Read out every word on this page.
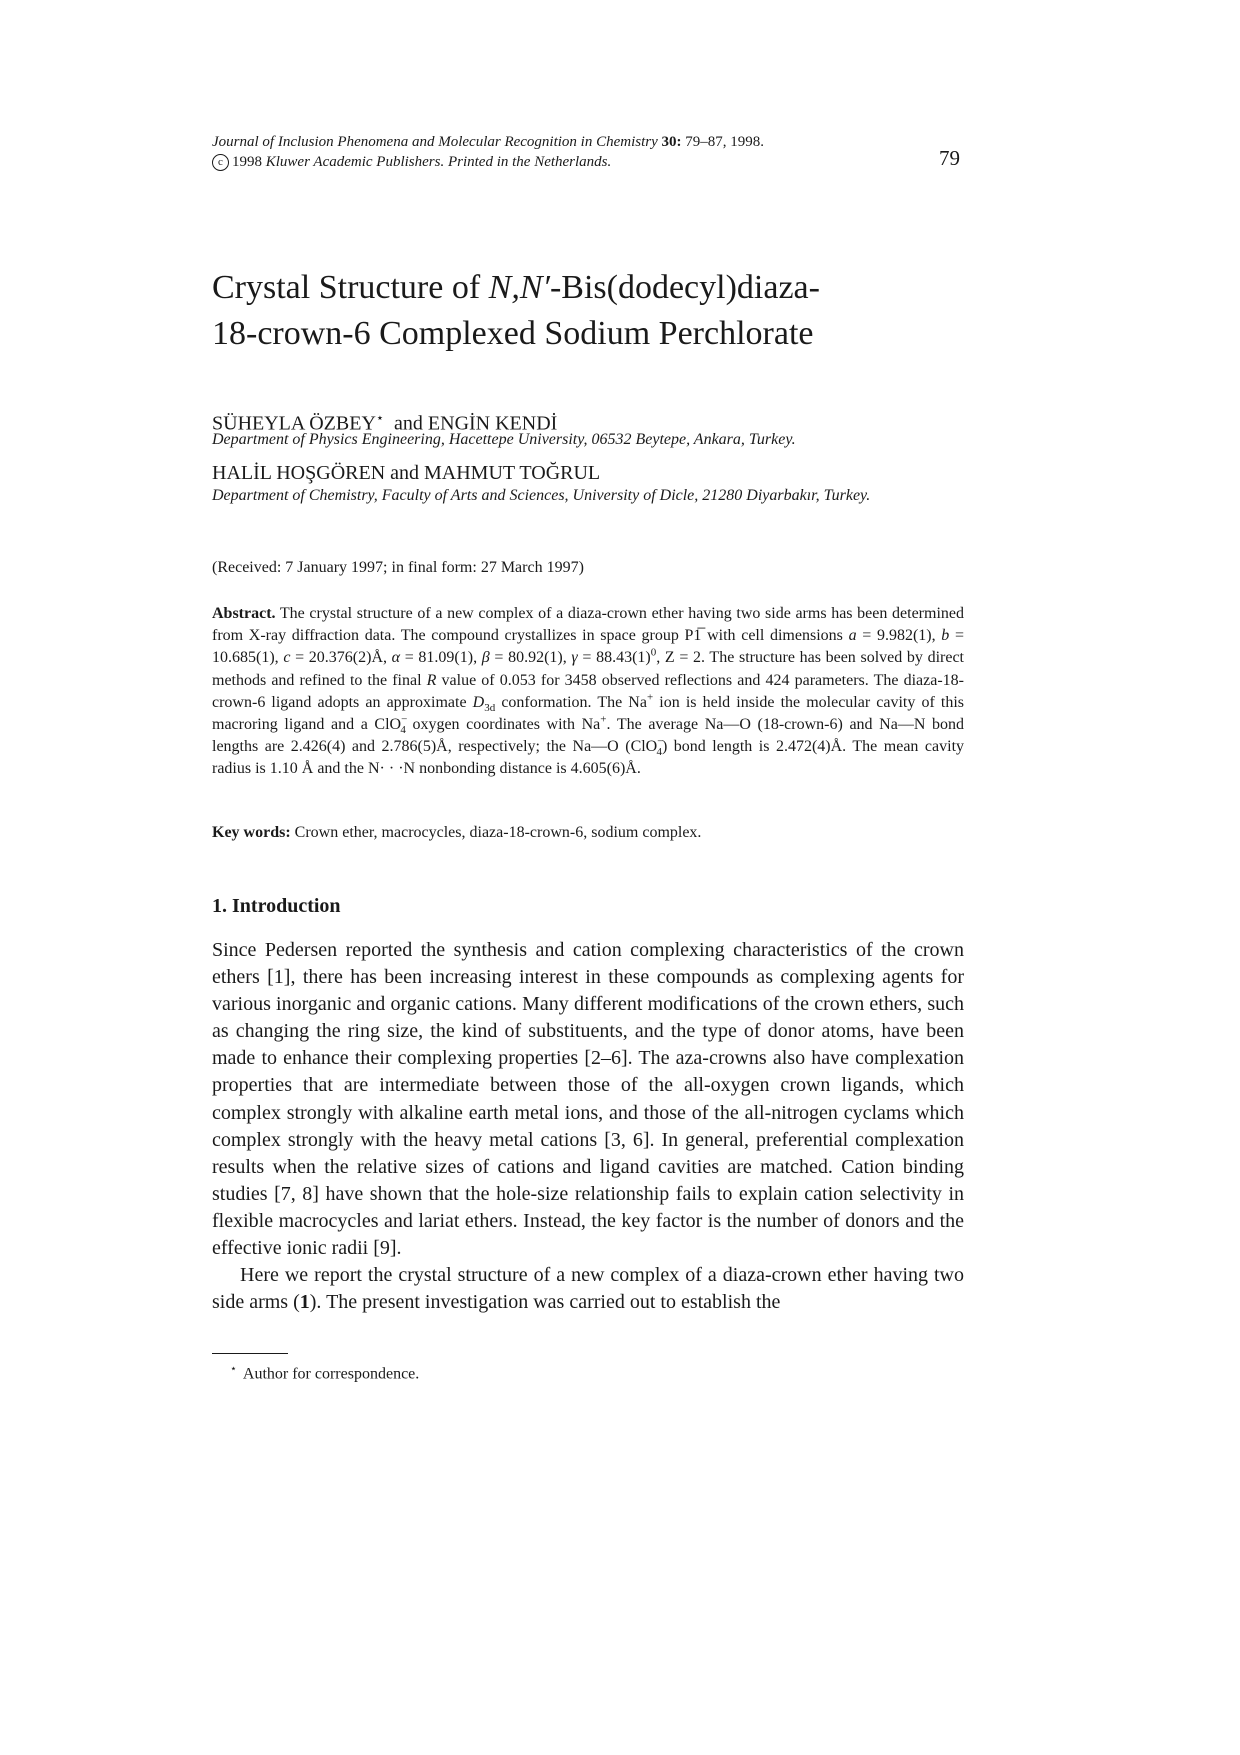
Journal of Inclusion Phenomena and Molecular Recognition in Chemistry 30: 79–87, 1998.
c 1998 Kluwer Academic Publishers. Printed in the Netherlands.	79
Crystal Structure of N,N′-Bis(dodecyl)diaza-
18-crown-6 Complexed Sodium Perchlorate
SÜHEYLA ÖZBEY⋆ and ENGİN KENDİ
Department of Physics Engineering, Hacettepe University, 06532 Beytepe, Ankara, Turkey.
HALİL HOŞGÖREN and MAHMUT TOĞRUL
Department of Chemistry, Faculty of Arts and Sciences, University of Dicle, 21280 Diyarbakır, Turkey.
(Received: 7 January 1997; in final form: 27 March 1997)
Abstract. The crystal structure of a new complex of a diaza-crown ether having two side arms has been determined from X-ray diffraction data. The compound crystallizes in space group P1̅ with cell dimensions a = 9.982(1), b = 10.685(1), c = 20.376(2)Å, α = 81.09(1), β = 80.92(1), $\gamma = 88.43(1)^0$, Z = 2. The structure has been solved by direct methods and refined to the final R value of 0.053 for 3458 observed reflections and 424 parameters. The diaza-18-crown-6 ligand adopts an approximate $D_{3d}$ conformation. The Na+ ion is held inside the molecular cavity of this macroring ligand and a ClO−$_4$ oxygen coordinates with Na+. The average Na—O (18-crown-6) and Na—N bond lengths are 2.426(4) and 2.786(5)Å, respectively; the Na—O (ClO−$_4$) bond length is 2.472(4)Å. The mean cavity radius is 1.10 Å and the N· · ·N nonbonding distance is 4.605(6)Å.
Key words: Crown ether, macrocycles, diaza-18-crown-6, sodium complex.
1. Introduction

Since Pedersen reported the synthesis and cation complexing characteristics of the crown ethers [1], there has been increasing interest in these compounds as complexing agents for various inorganic and organic cations. Many different modifications of the crown ethers, such as changing the ring size, the kind of substituents, and the type of donor atoms, have been made to enhance their complexing properties [2–6]. The aza-crowns also have complexation properties that are intermediate between those of the all-oxygen crown ligands, which complex strongly with alkaline earth metal ions, and those of the all-nitrogen cyclams which complex strongly with the heavy metal cations [3, 6]. In general, preferential complexation results when the relative sizes of cations and ligand cavities are matched. Cation binding studies [7, 8] have shown that the hole-size relationship fails to explain cation selectivity in flexible macrocycles and lariat ethers. Instead, the key factor is the number of donors and the effective ionic radii [9].

Here we report the crystal structure of a new complex of a diaza-crown ether having two side arms (1). The present investigation was carried out to establish the

⋆ Author for correspondence.
